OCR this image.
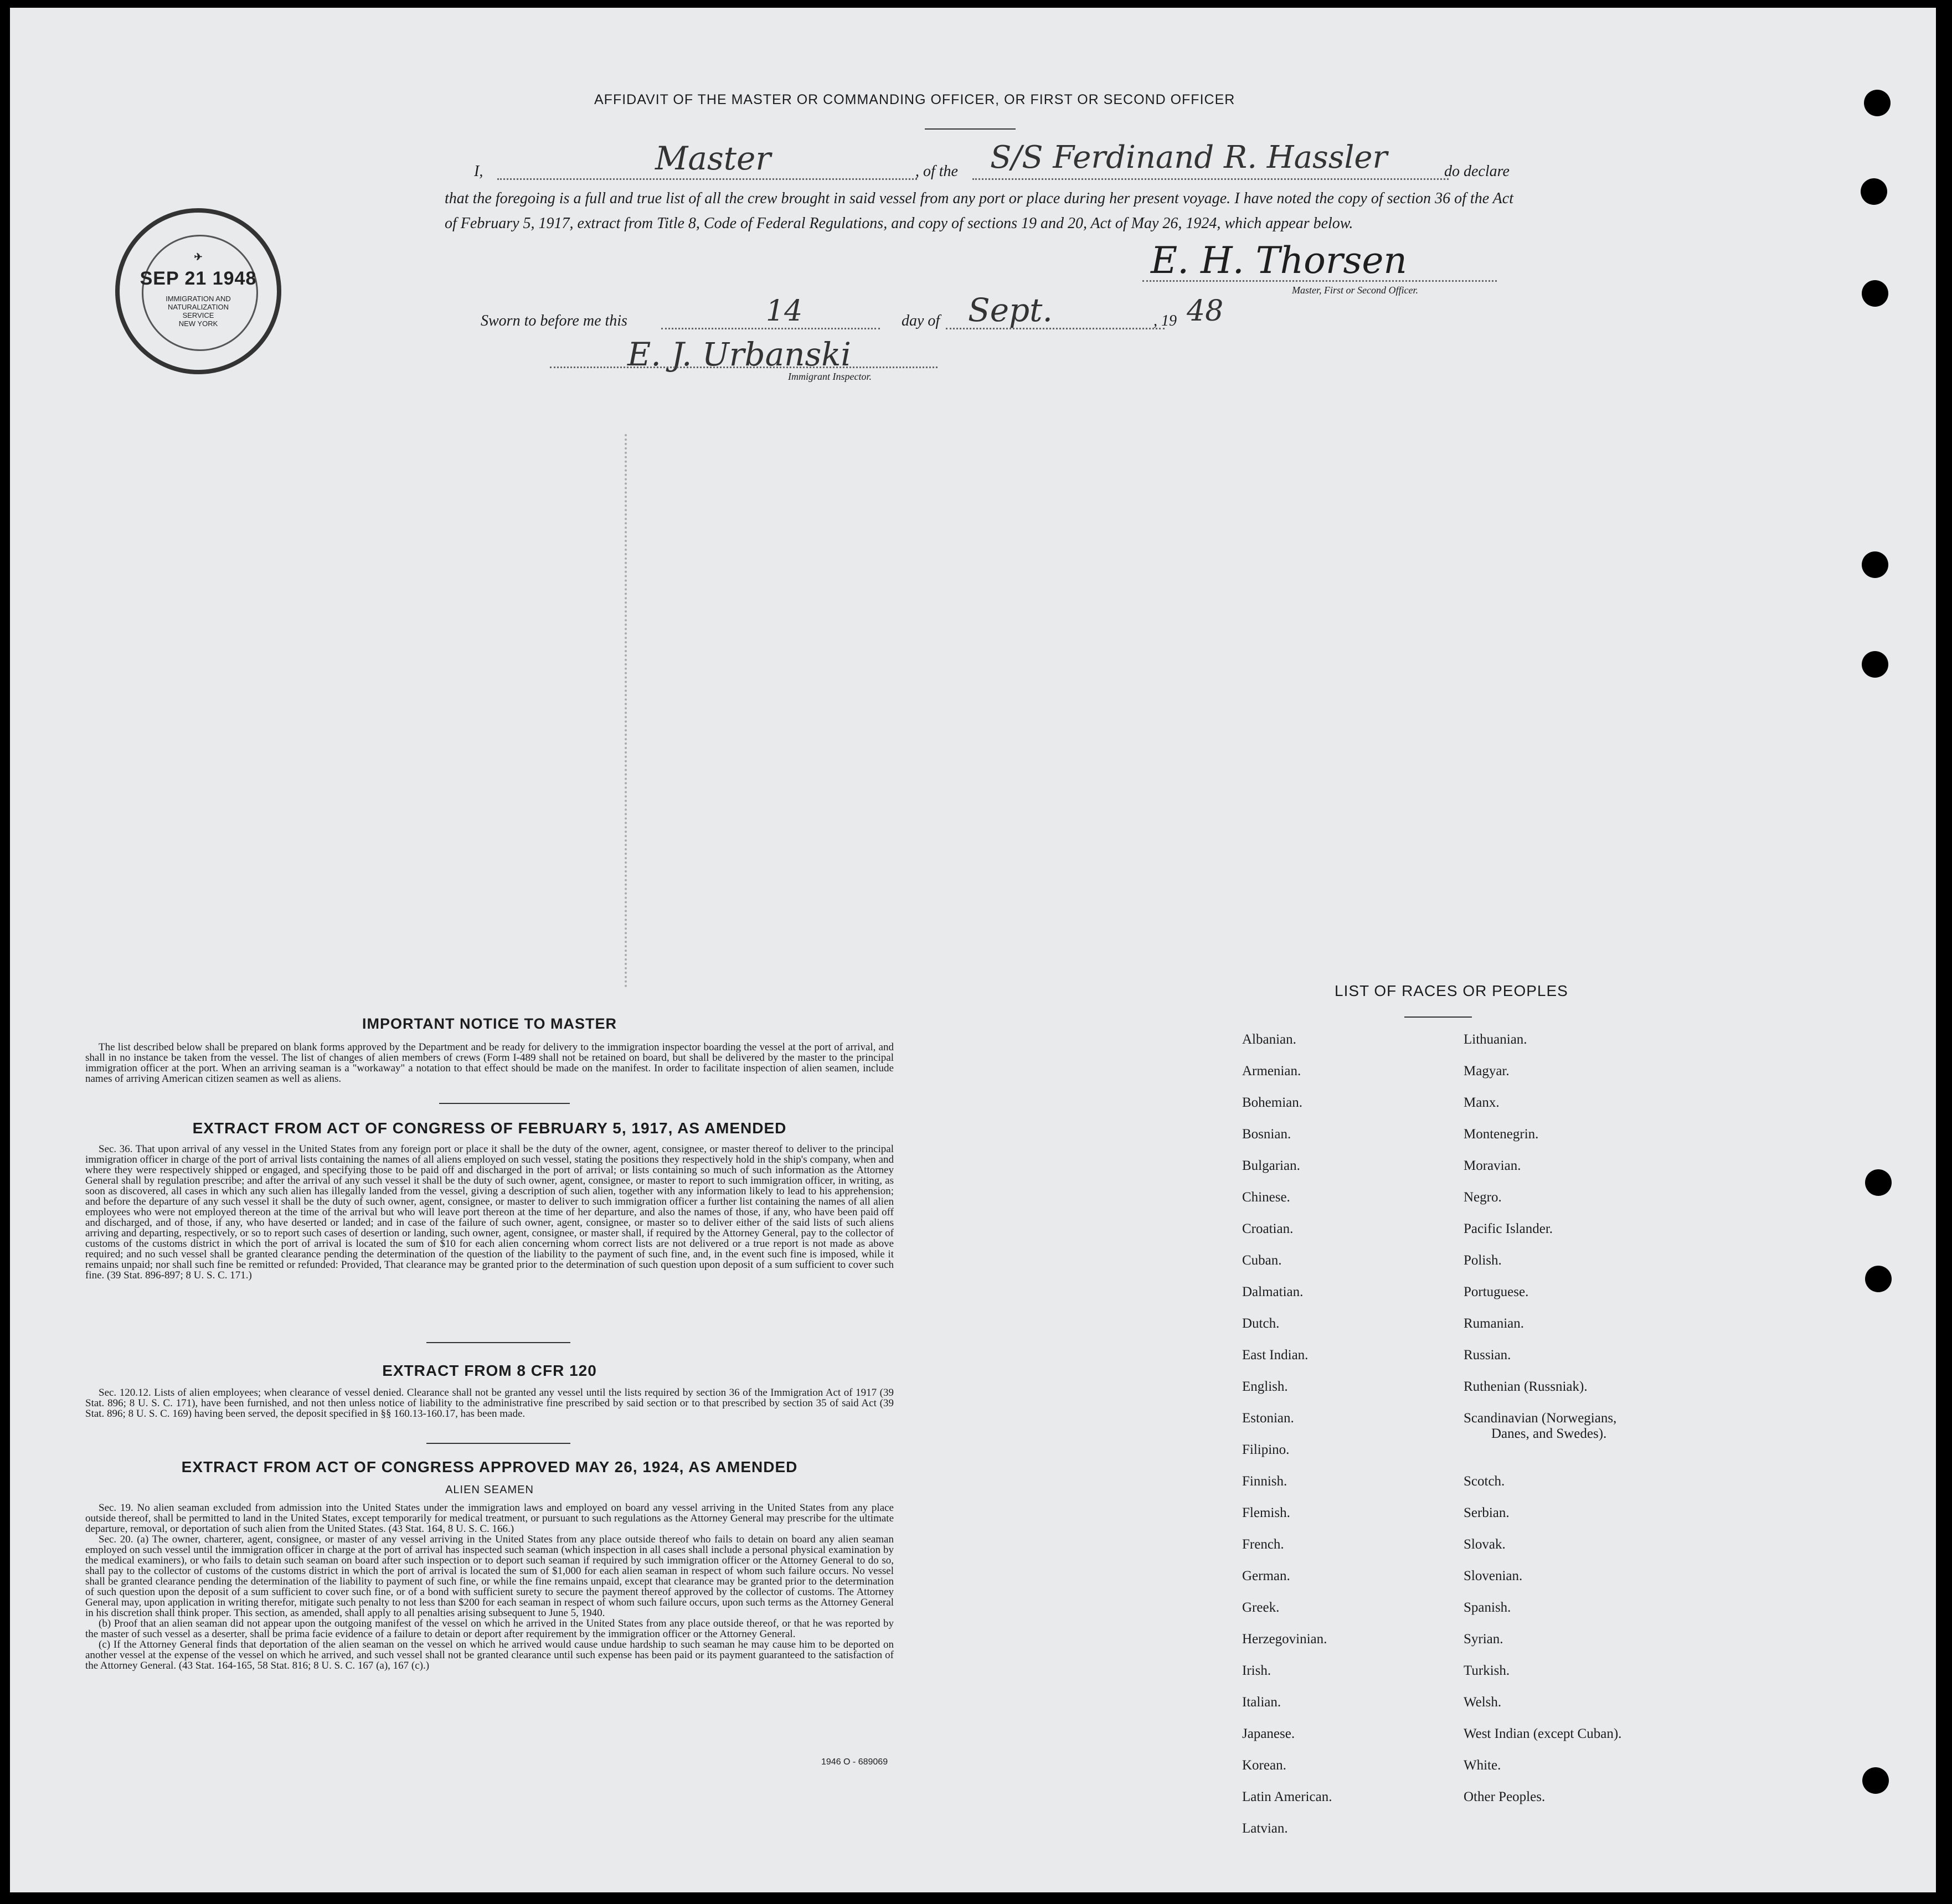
AFFIDAVIT OF THE MASTER OR COMMANDING OFFICER, OR FIRST OR SECOND OFFICER
I,	Master	, of the S/S Ferdinand R. Hassler	do declare
that the foregoing is a full and true list of all the crew brought in said vessel from any port or place during her present voyage. I have noted the copy of section 36 of the Act of February 5, 1917, extract from Title 8, Code of Federal Regulations, and copy of sections 19 and 20, Act of May 26, 1924, which appear below.
E. H. Thorsen
Master, First or Second Officer.
Sworn to before me this	14	day of Sept.	, 19 48
E. J. Urbanski
Immigrant Inspector.
✈
SEP 21 1948
IMMIGRATION AND
NATURALIZATION
SERVICE
NEW YORK
IMPORTANT NOTICE TO MASTER

The list described below shall be prepared on blank forms approved by the Department and be ready for delivery to the immigration inspector boarding the vessel at the port of arrival, and shall in no instance be taken from the vessel. The list of changes of alien members of crews (Form I-489 shall not be retained on board, but shall be delivered by the master to the principal immigration officer at the port. When an arriving seaman is a "workaway" a notation to that effect should be made on the manifest. In order to facilitate inspection of alien seamen, include names of arriving American citizen seamen as well as aliens.

EXTRACT FROM ACT OF CONGRESS OF FEBRUARY 5, 1917, AS AMENDED

Sec. 36. That upon arrival of any vessel in the United States from any foreign port or place it shall be the duty of the owner, agent, consignee, or master thereof to deliver to the principal immigration officer in charge of the port of arrival lists containing the names of all aliens employed on such vessel, stating the positions they respectively hold in the ship's company, when and where they were respectively shipped or engaged, and specifying those to be paid off and discharged in the port of arrival; or lists containing so much of such information as the Attorney General shall by regulation prescribe; and after the arrival of any such vessel it shall be the duty of such owner, agent, consignee, or master to report to such immigration officer, in writing, as soon as discovered, all cases in which any such alien has illegally landed from the vessel, giving a description of such alien, together with any information likely to lead to his apprehension; and before the departure of any such vessel it shall be the duty of such owner, agent, consignee, or master to deliver to such immigration officer a further list containing the names of all alien employees who were not employed thereon at the time of the arrival but who will leave port thereon at the time of her departure, and also the names of those, if any, who have been paid off and discharged, and of those, if any, who have deserted or landed; and in case of the failure of such owner, agent, consignee, or master so to deliver either of the said lists of such aliens arriving and departing, respectively, or so to report such cases of desertion or landing, such owner, agent, consignee, or master shall, if required by the Attorney General, pay to the collector of customs of the customs district in which the port of arrival is located the sum of $10 for each alien concerning whom correct lists are not delivered or a true report is not made as above required; and no such vessel shall be granted clearance pending the determination of the question of the liability to the payment of such fine, and, in the event such fine is imposed, while it remains unpaid; nor shall such fine be remitted or refunded: Provided, That clearance may be granted prior to the determination of such question upon deposit of a sum sufficient to cover such fine. (39 Stat. 896-897; 8 U. S. C. 171.)

EXTRACT FROM 8 CFR 120

Sec. 120.12. Lists of alien employees; when clearance of vessel denied. Clearance shall not be granted any vessel until the lists required by section 36 of the Immigration Act of 1917 (39 Stat. 896; 8 U. S. C. 171), have been furnished, and not then unless notice of liability to the administrative fine prescribed by said section or to that prescribed by section 35 of said Act (39 Stat. 896; 8 U. S. C. 169) having been served, the deposit specified in §§ 160.13-160.17, has been made.

EXTRACT FROM ACT OF CONGRESS APPROVED MAY 26, 1924, AS AMENDED
ALIEN SEAMEN

Sec. 19. No alien seaman excluded from admission into the United States under the immigration laws and employed on board any vessel arriving in the United States from any place outside thereof, shall be permitted to land in the United States, except temporarily for medical treatment, or pursuant to such regulations as the Attorney General may prescribe for the ultimate departure, removal, or deportation of such alien from the United States. (43 Stat. 164, 8 U. S. C. 166.)

Sec. 20. (a) The owner, charterer, agent, consignee, or master of any vessel arriving in the United States from any place outside thereof who fails to detain on board any alien seaman employed on such vessel until the immigration officer in charge at the port of arrival has inspected such seaman (which inspection in all cases shall include a personal physical examination by the medical examiners), or who fails to detain such seaman on board after such inspection or to deport such seaman if required by such immigration officer or the Attorney General to do so, shall pay to the collector of customs of the customs district in which the port of arrival is located the sum of $1,000 for each alien seaman in respect of whom such failure occurs. No vessel shall be granted clearance pending the determination of the liability to payment of such fine, or while the fine remains unpaid, except that clearance may be granted prior to the determination of such question upon the deposit of a sum sufficient to cover such fine, or of a bond with sufficient surety to secure the payment thereof approved by the collector of customs. The Attorney General may, upon application in writing therefor, mitigate such penalty to not less than $200 for each seaman in respect of whom such failure occurs, upon such terms as the Attorney General in his discretion shall think proper. This section, as amended, shall apply to all penalties arising subsequent to June 5, 1940.

(b) Proof that an alien seaman did not appear upon the outgoing manifest of the vessel on which he arrived in the United States from any place outside thereof, or that he was reported by the master of such vessel as a deserter, shall be prima facie evidence of a failure to detain or deport after requirement by the immigration officer or the Attorney General.

(c) If the Attorney General finds that deportation of the alien seaman on the vessel on which he arrived would cause undue hardship to such seaman he may cause him to be deported on another vessel at the expense of the vessel on which he arrived, and such vessel shall not be granted clearance until such expense has been paid or its payment guaranteed to the satisfaction of the Attorney General. (43 Stat. 164-165, 58 Stat. 816; 8 U. S. C. 167 (a), 167 (c).)

1946 O - 689069
LIST OF RACES OR PEOPLES
Albanian.
Armenian.
Bohemian.
Bosnian.
Bulgarian.
Chinese.
Croatian.
Cuban.
Dalmatian.
Dutch.
East Indian.
English.
Estonian.
Filipino.
Finnish.
Flemish.
French.
German.
Greek.
Herzegovinian.
Irish.
Italian.
Japanese.
Korean.
Latin American.
Latvian.
Lithuanian.
Magyar.
Manx.
Montenegrin.
Moravian.
Negro.
Pacific Islander.
Polish.
Portuguese.
Rumanian.
Russian.
Ruthenian (Russniak).
Scandinavian (Norwegians,
Danes, and Swedes).
Scotch.
Serbian.
Slovak.
Slovenian.
Spanish.
Syrian.
Turkish.
Welsh.
West Indian (except Cuban).
White.
Other Peoples.
